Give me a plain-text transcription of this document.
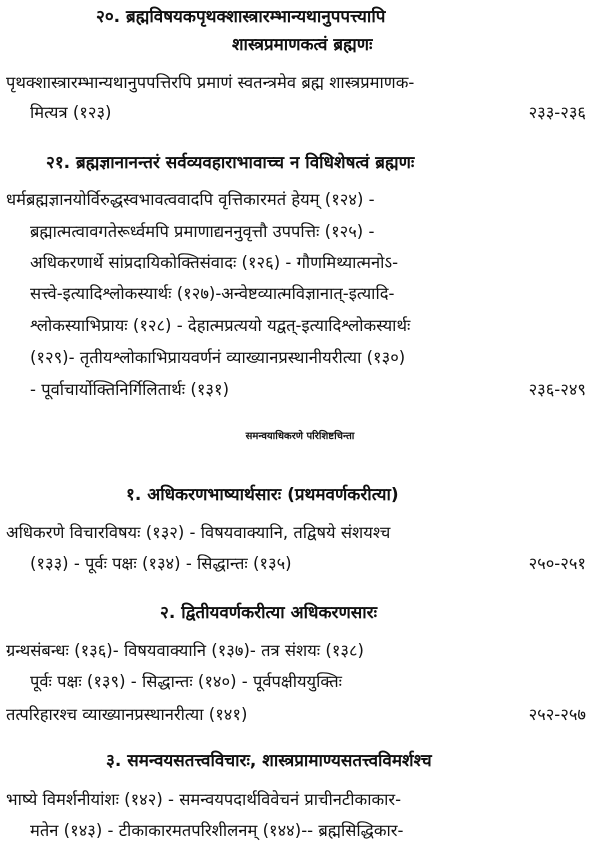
२०. ब्रह्मविषयकपृथक्शास्त्रारम्भान्यथानुपपत्त्यापि
शास्त्रप्रमाणकत्वं ब्रह्मणः
पृथक्शास्त्रारम्भान्यथानुपपत्तिरपि प्रमाणं स्वतन्त्रमेव ब्रह्म शास्त्रप्रमाणक-
मित्यत्र (१२३)	२३३-२३६
२१. ब्रह्मज्ञानानन्तरं सर्वव्यवहाराभावाच्च न विधिशेषत्वं ब्रह्मणः
धर्मब्रह्मज्ञानयोर्विरुद्धस्वभावत्ववादपि वृत्तिकारमतं हेयम् (१२४) -
ब्रह्मात्मत्वावगतेरूर्ध्वमपि प्रमाणाद्यननुवृत्तौ उपपत्तिः (१२५) -
अधिकरणार्थे सांप्रदायिकोक्तिसंवादः (१२६) - गौणमिथ्यात्मनोऽ-
सत्त्वे-इत्यादिश्लोकस्यार्थः (१२७)-अन्वेष्टव्यात्मविज्ञानात्-इत्यादि-
श्लोकस्याभिप्रायः (१२८) - देहात्मप्रत्ययो यद्वत्-इत्यादिश्लोकस्यार्थः
(१२९)- तृतीयश्लोकाभिप्रायवर्णनं व्याख्यानप्रस्थानीयरीत्या (१३०)
- पूर्वाचार्योक्तिनिर्गिलितार्थः (१३१)	२३६-२४९
समन्वयाधिकरणे परिशिष्टचिन्ता
१. अधिकरणभाष्यार्थसारः (प्रथमवर्णकरीत्या)
अधिकरणे विचारविषयः (१३२) - विषयवाक्यानि, तद्विषये संशयश्च
(१३३) - पूर्वः पक्षः (१३४) - सिद्धान्तः (१३५)	२५०-२५१
२. द्वितीयवर्णकरीत्या अधिकरणसारः
ग्रन्थसंबन्धः (१३६)- विषयवाक्यानि (१३७)- तत्र संशयः (१३८)
पूर्वः पक्षः (१३९) - सिद्धान्तः (१४०) - पूर्वपक्षीययुक्तिः
तत्परिहारश्च व्याख्यानप्रस्थानरीत्या (१४१)	२५२-२५७
३. समन्वयसतत्त्वविचारः, शास्त्रप्रामाण्यसतत्त्वविमर्शश्च
भाष्ये विमर्शनीयांशः (१४२) - समन्वयपदार्थविवेचनं प्राचीनटीकाकार-
मतेन (१४३) - टीकाकारमतपरिशीलनम् (१४४)-- ब्रह्मसिद्धिकार-
